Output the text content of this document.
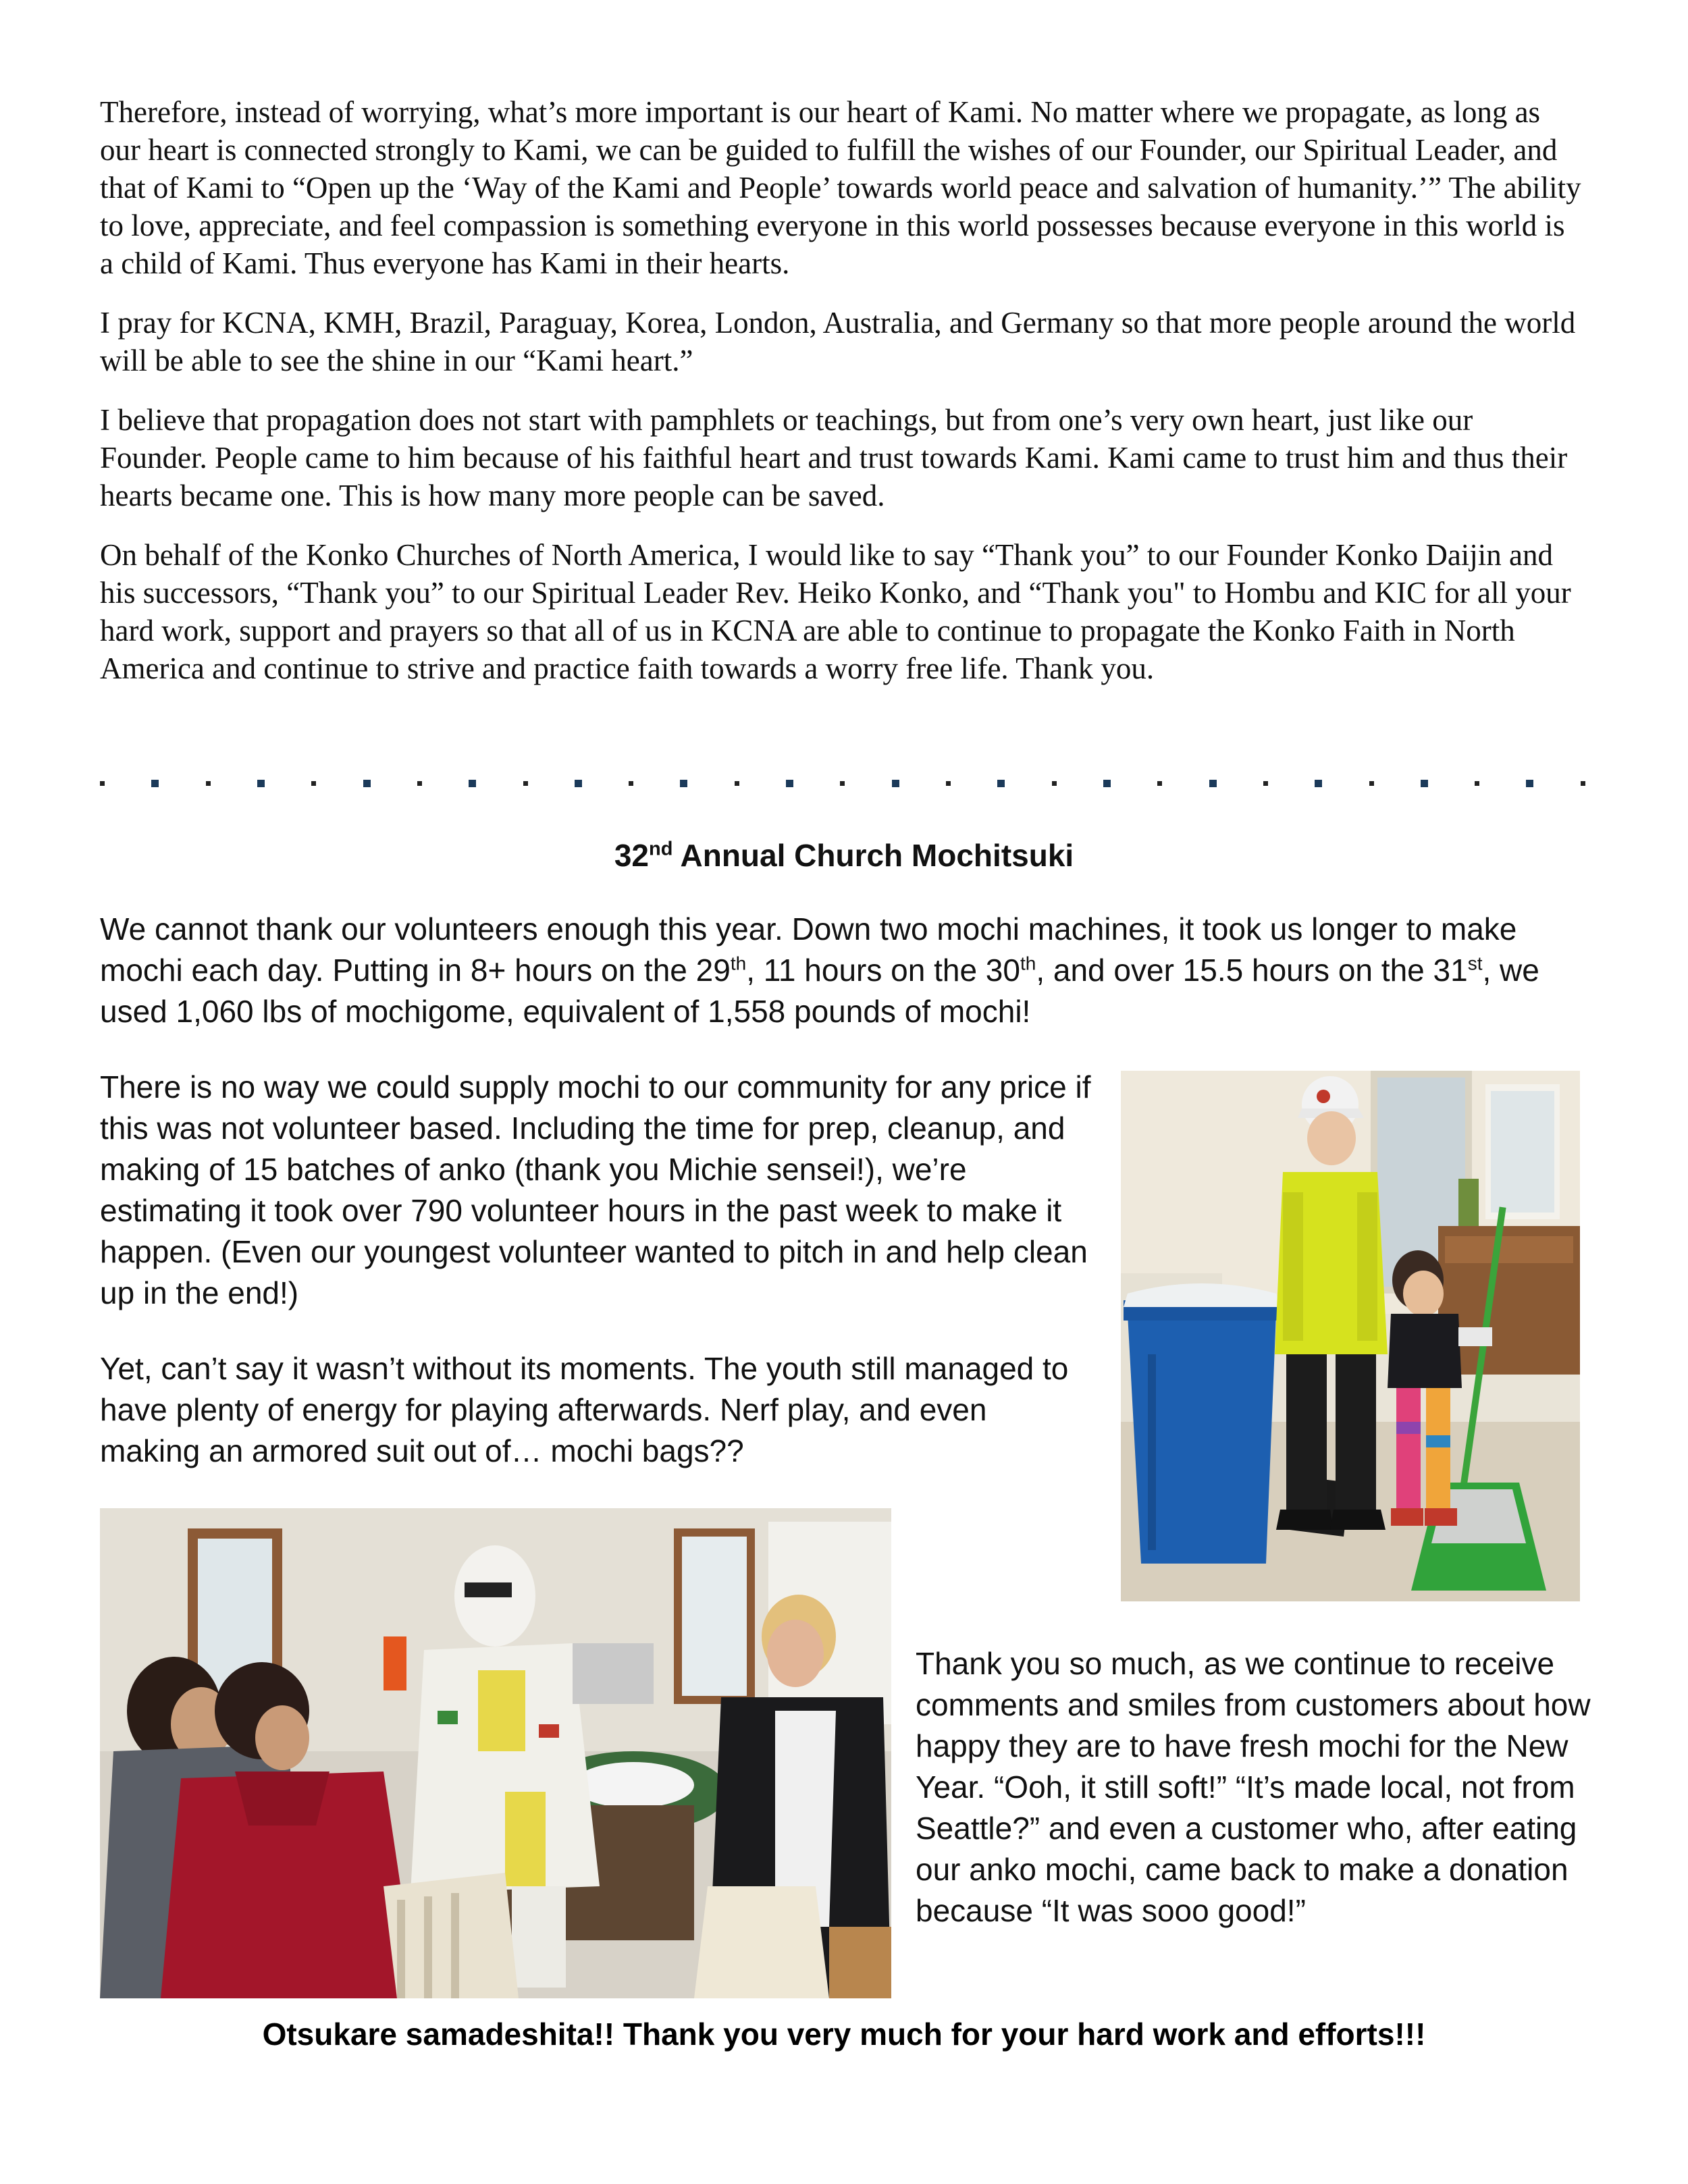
Therefore, instead of worrying, what’s more important is our heart of Kami. No matter where we propagate, as long as our heart is connected strongly to Kami, we can be guided to fulfill the wishes of our Founder, our Spiritual Leader, and that of Kami to “Open up the ‘Way of the Kami and People’ towards world peace and salvation of humanity.’” The ability to love, appreciate, and feel compassion is something everyone in this world possesses because everyone in this world is a child of Kami. Thus everyone has Kami in their hearts.

I pray for KCNA, KMH, Brazil, Paraguay, Korea, London, Australia, and Germany so that more people around the world will be able to see the shine in our “Kami heart.”

I believe that propagation does not start with pamphlets or teachings, but from one’s very own heart, just like our Founder. People came to him because of his faithful heart and trust towards Kami. Kami came to trust him and thus their hearts became one. This is how many more people can be saved.

On behalf of the Konko Churches of North America, I would like to say “Thank you” to our Founder Konko Daijin and his successors, “Thank you” to our Spiritual Leader Rev. Heiko Konko, and “Thank you" to Hombu and KIC for all your hard work, support and prayers so that all of us in KCNA are able to continue to propagate the Konko Faith in North America and continue to strive and practice faith towards a worry free life. Thank you.

32nd Annual Church Mochitsuki

We cannot thank our volunteers enough this year. Down two mochi machines, it took us longer to make mochi each day. Putting in 8+ hours on the 29th, 11 hours on the 30th, and over 15.5 hours on the 31st, we used 1,060 lbs of mochigome, equivalent of 1,558 pounds of mochi!

There is no way we could supply mochi to our community for any price if this was not volunteer based. Including the time for prep, cleanup, and making of 15 batches of anko (thank you Michie sensei!), we’re estimating it took over 790 volunteer hours in the past week to make it happen. (Even our youngest volunteer wanted to pitch in and help clean up in the end!)

Yet, can’t say it wasn’t without its moments. The youth still managed to have plenty of energy for playing afterwards. Nerf play, and even making an armored suit out of… mochi bags??

Thank you so much, as we continue to receive comments and smiles from customers about how happy they are to have fresh mochi for the New Year. “Ooh, it still soft!” “It’s made local, not from Seattle?” and even a customer who, after eating our anko mochi, came back to make a donation because “It was sooo good!”

Otsukare samadeshita!! Thank you very much for your hard work and efforts!!!
